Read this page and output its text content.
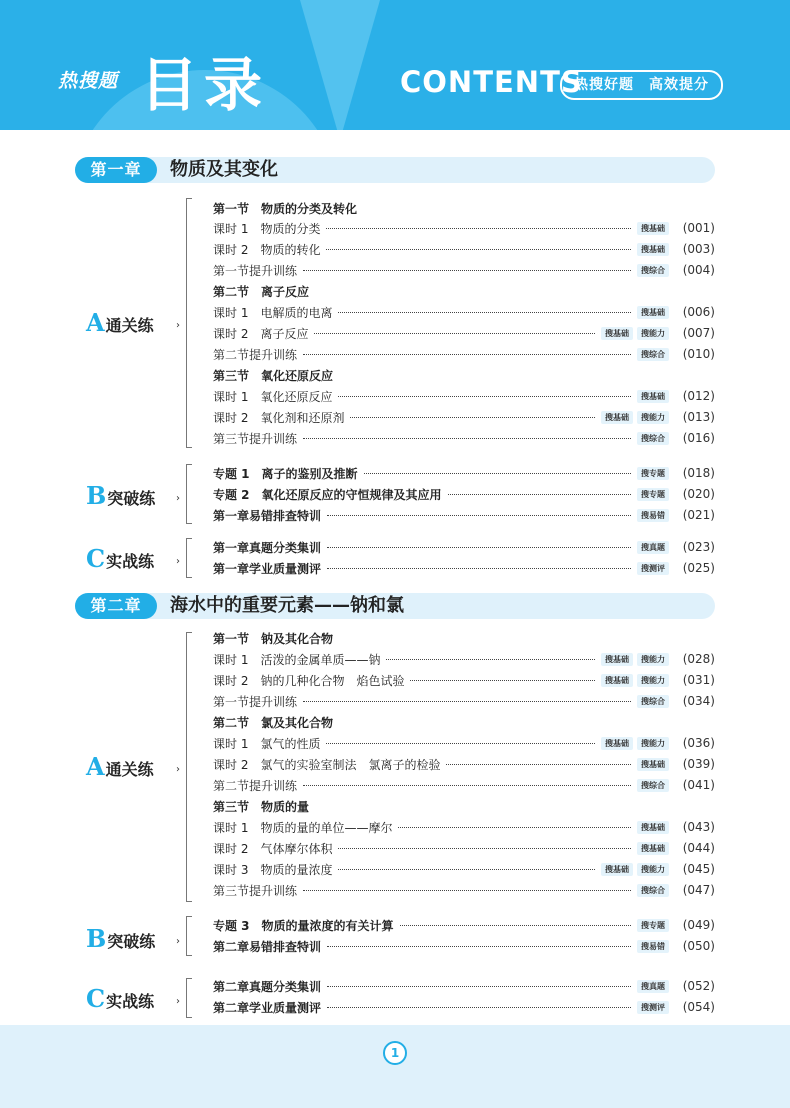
热搜题 目录	CONTENTS
热搜好题　高效提分
第一章	物质及其变化
A通关练 ›
第一节　物质的分类及转化
课时 1　物质的分类	搜基础	(001)
课时 2　物质的转化	搜基础	(003)
第一节提升训练	搜综合	(004)
第二节　离子反应
课时 1　电解质的电离	搜基础	(006)
课时 2　离子反应	搜基础	搜能力	(007)
第二节提升训练	搜综合	(010)
第三节　氧化还原反应
课时 1　氧化还原反应	搜基础	(012)
课时 2　氧化剂和还原剂	搜基础	搜能力	(013)
第三节提升训练	搜综合	(016)
B突破练 ›
专题 1　离子的鉴别及推断	搜专题	(018)
专题 2　氧化还原反应的守恒规律及其应用	搜专题	(020)
第一章易错排查特训	搜易错	(021)
C实战练 ›
第一章真题分类集训	搜真题	(023)
第一章学业质量测评	搜测评	(025)
第二章	海水中的重要元素——钠和氯
A通关练 ›
第一节　钠及其化合物
课时 1　活泼的金属单质——钠	搜基础	搜能力	(028)
课时 2　钠的几种化合物　焰色试验	搜基础	搜能力	(031)
第一节提升训练	搜综合	(034)
第二节　氯及其化合物
课时 1　氯气的性质	搜基础	搜能力	(036)
课时 2　氯气的实验室制法　氯离子的检验	搜基础	(039)
第二节提升训练	搜综合	(041)
第三节　物质的量
课时 1　物质的量的单位——摩尔	搜基础	(043)
课时 2　气体摩尔体积	搜基础	(044)
课时 3　物质的量浓度	搜基础	搜能力	(045)
第三节提升训练	搜综合	(047)
B突破练 ›
专题 3　物质的量浓度的有关计算	搜专题	(049)
第二章易错排查特训	搜易错	(050)
C实战练 ›
第二章真题分类集训	搜真题	(052)
第二章学业质量测评	搜测评	(054)
1
